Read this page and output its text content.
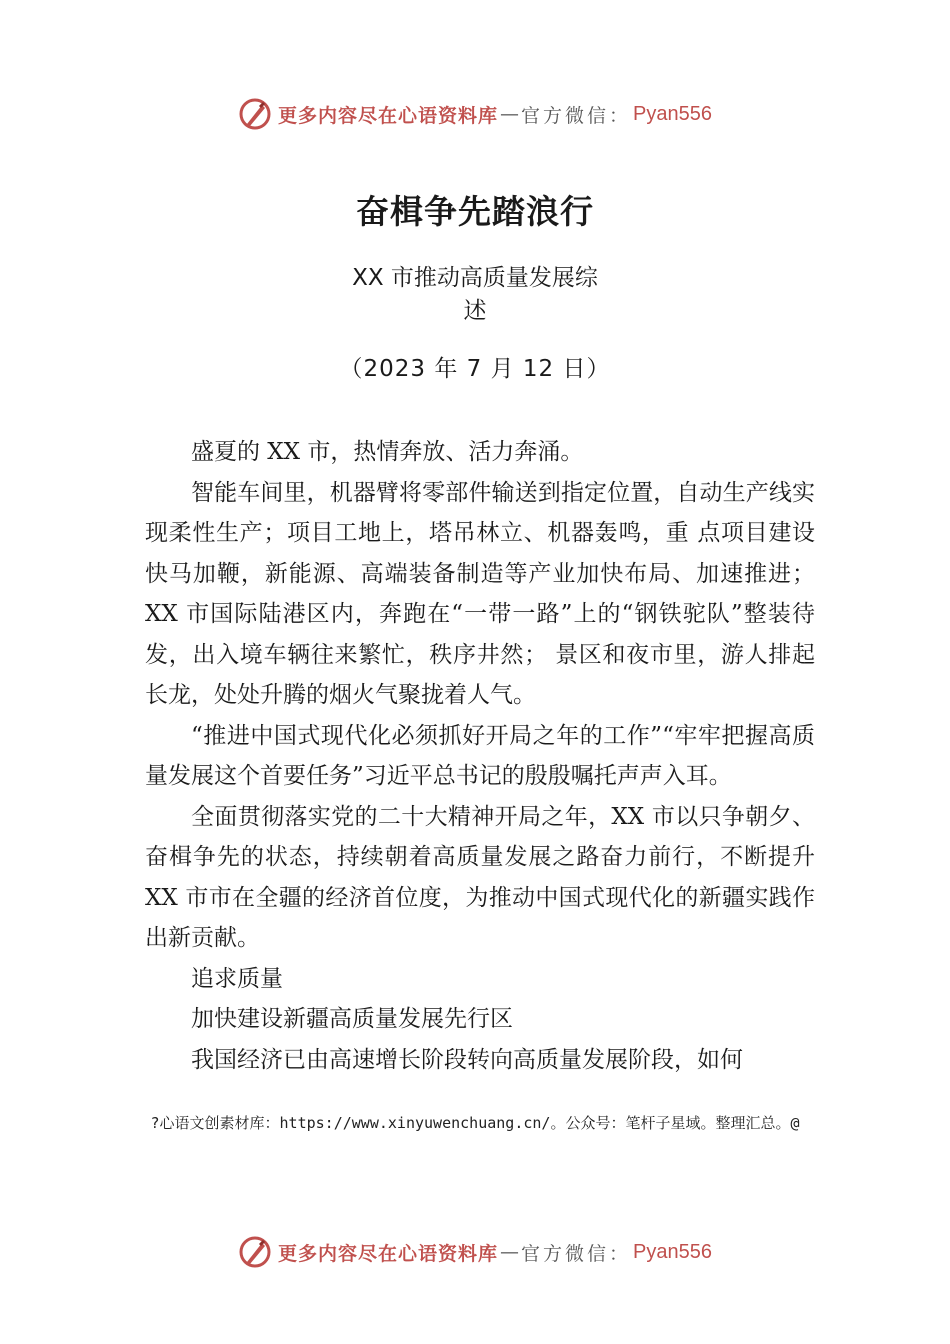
更多内容尽在心语资料库 — 官方微信： Pyan556
奋楫争先踏浪行
XX 市推动高质量发展综
述
（2023 年 7 月 12 日）

盛夏的 XX 市，热情奔放、活力奔涌。

智能车间里，机器臂将零部件输送到指定位置，自动生产线实现柔性生产；项目工地上，塔吊林立、机器轰鸣，重 点项目建设快马加鞭，新能源、高端装备制造等产业加快布局、加速推进；XX 市国际陆港区内，奔跑在“一带一路”上的“钢铁驼队”整装待发，出入境车辆往来繁忙，秩序井然； 景区和夜市里，游人排起长龙，处处升腾的烟火气聚拢着人气。

“推进中国式现代化必须抓好开局之年的工作”“牢牢把握高质量发展这个首要任务”习近平总书记的殷殷嘱托声声入耳。

全面贯彻落实党的二十大精神开局之年，XX 市以只争朝夕、奋楫争先的状态，持续朝着高质量发展之路奋力前行，不断提升 XX 市市在全疆的经济首位度，为推动中国式现代化的新疆实践作出新贡献。

追求质量

加快建设新疆高质量发展先行区

我国经济已由高速增长阶段转向高质量发展阶段，如何

?心语文创素材库：https://www.xinyuwenchuang.cn/。公众号：笔杆子星域。整理汇总。@
更多内容尽在心语资料库 — 官方微信： Pyan556
